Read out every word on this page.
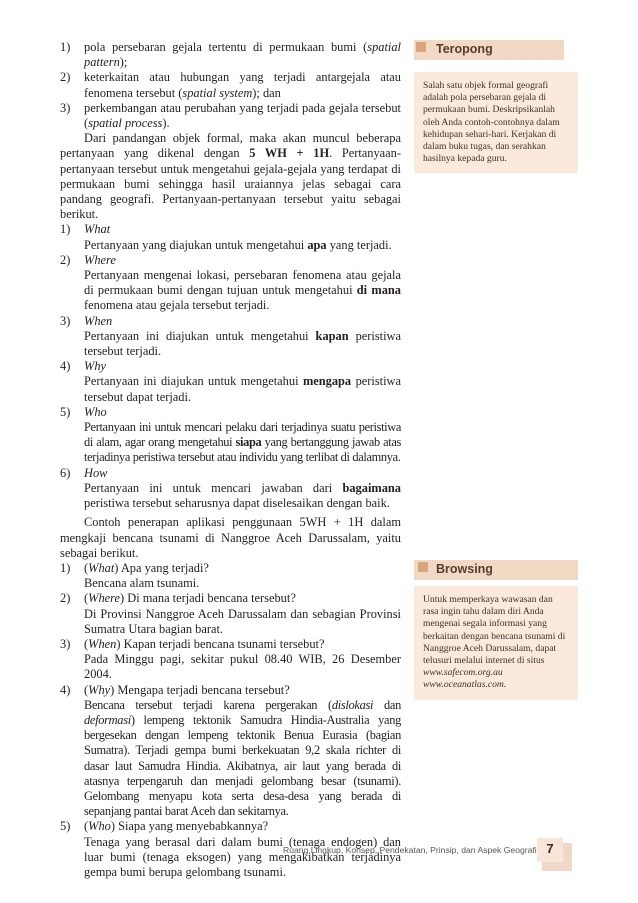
1)	pola persebaran gejala tertentu di permukaan bumi (spatial pattern);
2)	keterkaitan atau hubungan yang terjadi antargejala atau fenomena tersebut (spatial system); dan
3)	perkembangan atau perubahan yang terjadi pada gejala tersebut (spatial process).
Dari pandangan objek formal, maka akan muncul beberapa pertanyaan yang dikenal dengan 5 WH + 1H. Pertanyaan-pertanyaan tersebut untuk mengetahui gejala-gejala yang terdapat di permukaan bumi sehingga hasil uraiannya jelas sebagai cara pandang geografi. Pertanyaan-pertanyaan tersebut yaitu sebagai berikut.
1)	What
Pertanyaan yang diajukan untuk mengetahui apa yang terjadi.
2)	Where
Pertanyaan mengenai lokasi, persebaran fenomena atau gejala di permukaan bumi dengan tujuan untuk mengetahui di mana fenomena atau gejala tersebut terjadi.
3)	When
Pertanyaan ini diajukan untuk mengetahui kapan peristiwa tersebut terjadi.
4)	Why
Pertanyaan ini diajukan untuk mengetahui mengapa peristiwa tersebut dapat terjadi.
5)	Who
Pertanyaan ini untuk mencari pelaku dari terjadinya suatu peristiwa di alam, agar orang mengetahui siapa yang bertanggung jawab atas terjadinya peristiwa tersebut atau individu yang terlibat di dalamnya.
6)	How
Pertanyaan ini untuk mencari jawaban dari bagaimana peristiwa tersebut seharusnya dapat diselesaikan dengan baik.
Contoh penerapan aplikasi penggunaan 5WH + 1H dalam mengkaji bencana tsunami di Nanggroe Aceh Darussalam, yaitu sebagai berikut.
1)	(What) Apa yang terjadi?
Bencana alam tsunami.
2)	(Where) Di mana terjadi bencana tersebut?
Di Provinsi Nanggroe Aceh Darussalam dan sebagian Provinsi Sumatra Utara bagian barat.
3)	(When) Kapan terjadi bencana tsunami tersebut?
Pada Minggu pagi, sekitar pukul 08.40 WIB, 26 Desember 2004.
4)	(Why) Mengapa terjadi bencana tersebut?
Bencana tersebut terjadi karena pergerakan (dislokasi dan deformasi) lempeng tektonik Samudra Hindia-Australia yang bergesekan dengan lempeng tektonik Benua Eurasia (bagian Sumatra). Terjadi gempa bumi berkekuatan 9,2 skala richter di dasar laut Samudra Hindia. Akibatnya, air laut yang berada di atasnya terpengaruh dan menjadi gelombang besar (tsunami). Gelombang menyapu kota serta desa-desa yang berada di sepanjang pantai barat Aceh dan sekitarnya.
5)	(Who) Siapa yang menyebabkannya?
Tenaga yang berasal dari dalam bumi (tenaga endogen) dan luar bumi (tenaga eksogen) yang mengakibatkan terjadinya gempa bumi berupa gelombang tsunami.
Teropong
Salah satu objek formal geografi adalah pola persebaran gejala di permukaan bumi. Deskripsikanlah oleh Anda contoh-contohnya dalam kehidupan sehari-hari. Kerjakan di dalam buku tugas, dan serahkan hasilnya kepada guru.
Browsing
Untuk memperkaya wawasan dan rasa ingin tahu dalam diri Anda mengenai segala informasi yang berkaitan dengan bencana tsunami di Nanggroe Aceh Darussalam, dapat telusuri melalui internet di situs
www.safecom.org.au
www.oceanatlas.com.
Ruang Lingkup, Konsep, Pendekatan, Prinsip, dan Aspek Geografi 7
